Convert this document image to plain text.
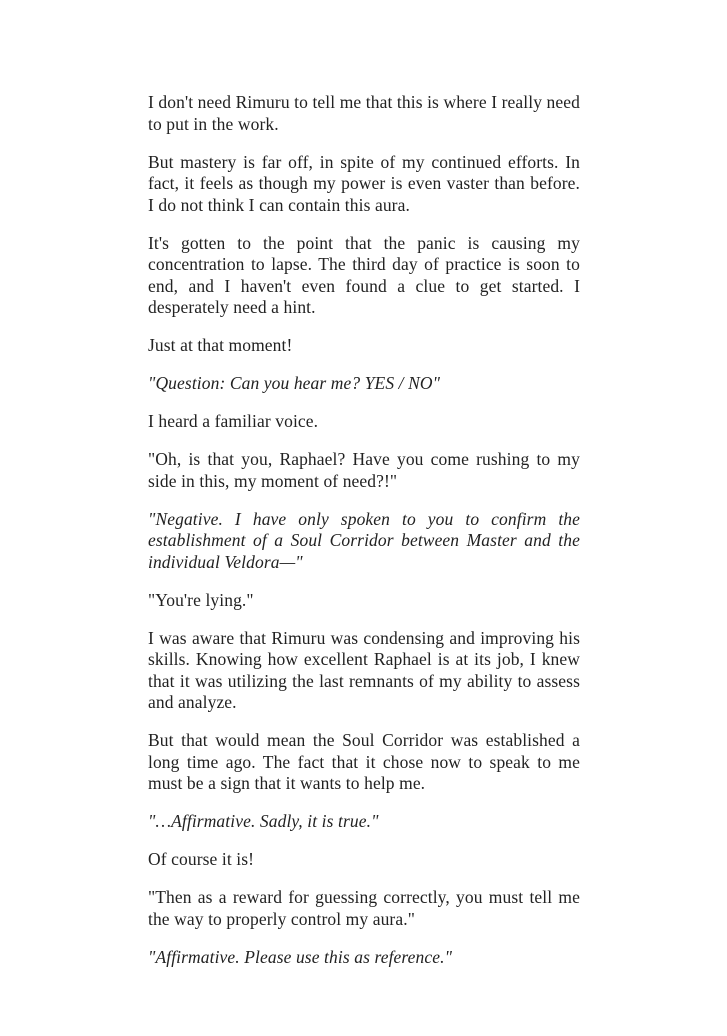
I don't need Rimuru to tell me that this is where I really need to put in the work.

But mastery is far off, in spite of my continued efforts. In fact, it feels as though my power is even vaster than before. I do not think I can contain this aura.

It's gotten to the point that the panic is causing my concentration to lapse. The third day of practice is soon to end, and I haven't even found a clue to get started. I desperately need a hint.

Just at that moment!

"Question: Can you hear me? YES / NO"

I heard a familiar voice.

"Oh, is that you, Raphael? Have you come rushing to my side in this, my moment of need?!"

"Negative. I have only spoken to you to confirm the establishment of a Soul Corridor between Master and the individual Veldora—"

"You're lying."

I was aware that Rimuru was condensing and improving his skills. Knowing how excellent Raphael is at its job, I knew that it was utilizing the last remnants of my ability to assess and analyze.

But that would mean the Soul Corridor was established a long time ago. The fact that it chose now to speak to me must be a sign that it wants to help me.

"…Affirmative. Sadly, it is true."

Of course it is!

"Then as a reward for guessing correctly, you must tell me the way to properly control my aura."

"Affirmative. Please use this as reference."
